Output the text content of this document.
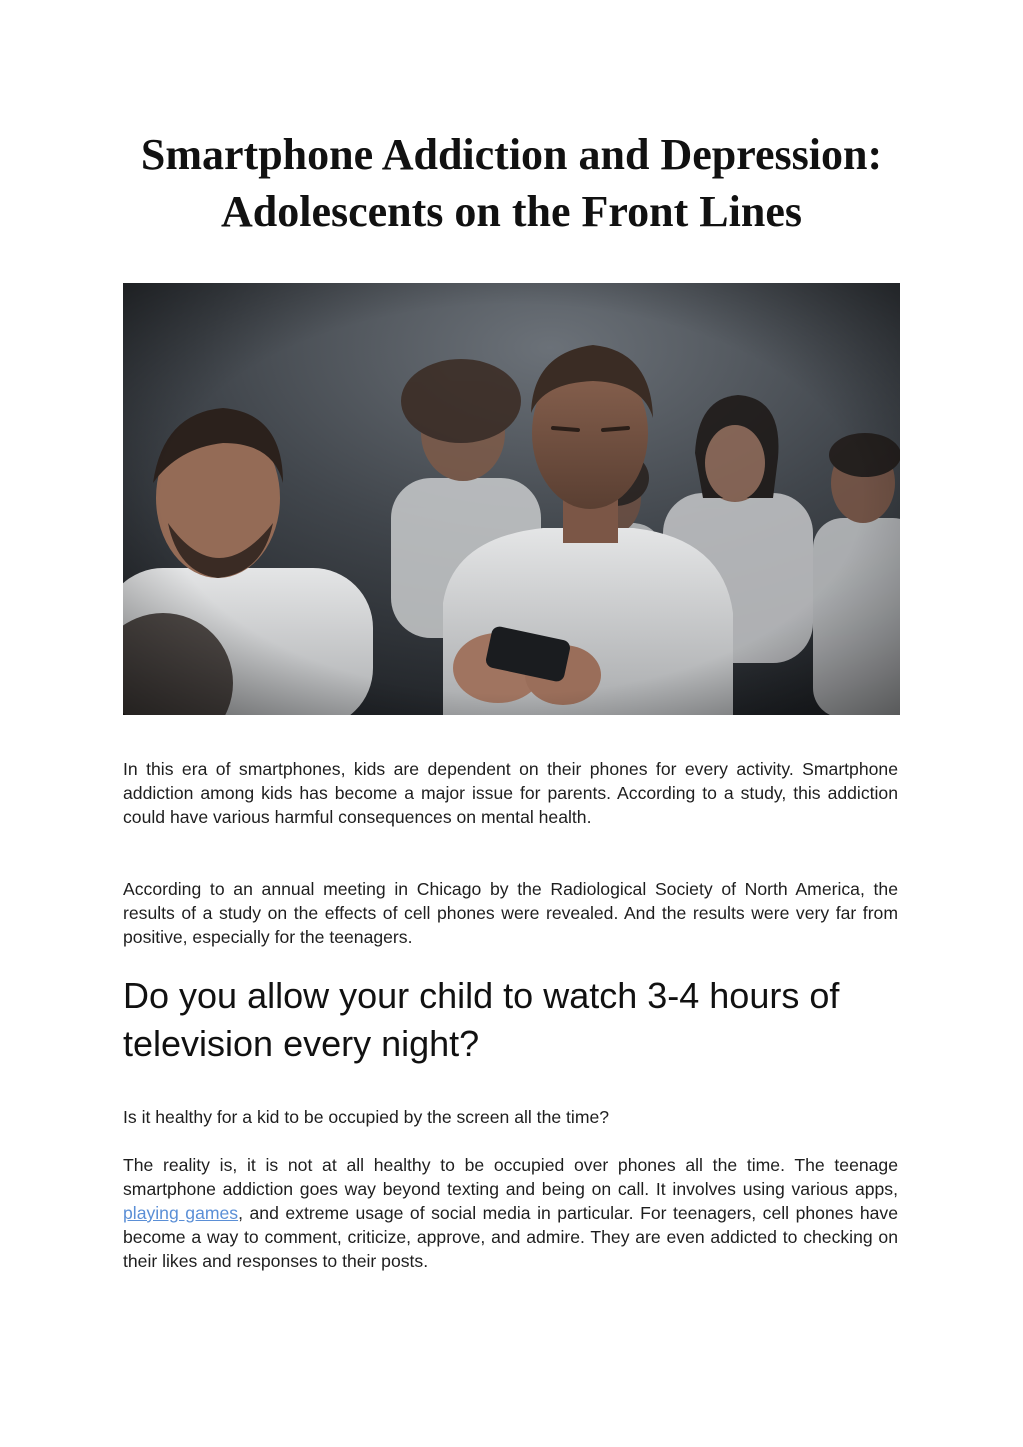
Smartphone Addiction and Depression: Adolescents on the Front Lines

In this era of smartphones, kids are dependent on their phones for every activity. Smartphone addiction among kids has become a major issue for parents. According to a study, this addiction could have various harmful consequences on mental health.

According to an annual meeting in Chicago by the Radiological Society of North America, the results of a study on the effects of cell phones were revealed. And the results were very far from positive, especially for the teenagers.

Do you allow your child to watch 3-4 hours of television every night?

Is it healthy for a kid to be occupied by the screen all the time?

The reality is, it is not at all healthy to be occupied over phones all the time. The teenage smartphone addiction goes way beyond texting and being on call. It involves using various apps, playing games, and extreme usage of social media in particular. For teenagers, cell phones have become a way to comment, criticize, approve, and admire. They are even addicted to checking on their likes and responses to their posts.
